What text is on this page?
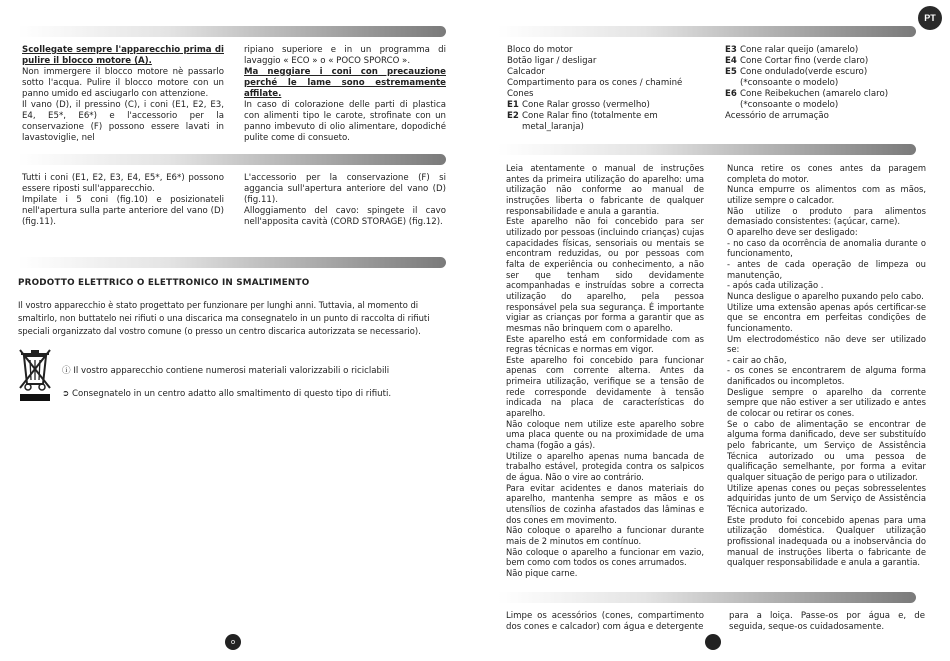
Scollegate sempre l'apparecchio prima di pulire il blocco motore (A).

Non immergere il blocco motore nè passarlo sotto l'acqua. Pulire il blocco motore con un panno umido ed asciugarlo con attenzione.

Il vano (D), il pressino (C), i coni (E1, E2, E3, E4, E5*, E6*) e l'accessorio per la conservazione (F) possono essere lavati in lavastoviglie, nel

ripiano superiore e in un programma di lavaggio « ECO » o « POCO SPORCO ».

Ma neggiare i coni con precauzione perché le lame sono estremamente affilate.

In caso di colorazione delle parti di plastica con alimenti tipo le carote, strofinate con un panno imbevuto di olio alimentare, dopodiché pulite come di consueto.

Tutti i coni (E1, E2, E3, E4, E5*, E6*) possono essere riposti sull'apparecchio.

Impilate i 5 coni (fig.10) e posizionateli nell'apertura sulla parte anteriore del vano (D) (fig.11).

L'accessorio per la conservazione (F) si aggancia sull'apertura anteriore del vano (D) (fig.11).

Alloggiamento del cavo: spingete il cavo nell'apposita cavità (CORD STORAGE) (fig.12).

PRODOTTO ELETTRICO O ELETTRONICO IN SMALTIMENTO

Il vostro apparecchio è stato progettato per funzionare per lunghi anni. Tuttavia, al momento di smaltirlo, non buttatelo nei rifiuti o una discarica ma consegnatelo in un punto di raccolta di rifiuti speciali organizzato dal vostro comune (o presso un centro discarica autorizzata se necessario).

ⓘ Il vostro apparecchio contiene numerosi materiali valorizzabili o riciclabili
➲ Consegnatelo in un centro adatto allo smaltimento di questo tipo di rifiuti.
o
PT
Bloco do motor
Botão ligar / desligar
Calcador
Compartimento para os cones / chaminé
Cones
E1 Cone Ralar grosso (vermelho)
E2 Cone Ralar fino (totalmente em
metal_laranja)
E3 Cone ralar queijo (amarelo)
E4 Cone Cortar fino (verde claro)
E5 Cone ondulado(verde escuro)
(*consoante o modelo)
E6 Cone Reibekuchen (amarelo claro)
(*consoante o modelo)
Acessório de arrumação

Leia atentamente o manual de instruções antes da primeira utilização do aparelho: uma utilização não conforme ao manual de instruções liberta o fabricante de qualquer responsabilidade e anula a garantia.

Este aparelho não foi concebido para ser utilizado por pessoas (incluindo crianças) cujas capacidades físicas, sensoriais ou mentais se encontram reduzidas, ou por pessoas com falta de experiência ou conhecimento, a não ser que tenham sido devidamente acompanhadas e instruídas sobre a correcta utilização do aparelho, pela pessoa responsável pela sua segurança. É importante vigiar as crianças por forma a garantir que as mesmas não brinquem com o aparelho.

Este aparelho está em conformidade com as regras técnicas e normas em vigor.

Este aparelho foi concebido para funcionar apenas com corrente alterna. Antes da primeira utilização, verifique se a tensão de rede corresponde devidamente à tensão indicada na placa de características do aparelho.

Não coloque nem utilize este aparelho sobre uma placa quente ou na proximidade de uma chama (fogão a gás).

Utilize o aparelho apenas numa bancada de trabalho estável, protegida contra os salpicos de água. Não o vire ao contrário.

Para evitar acidentes e danos materiais do aparelho, mantenha sempre as mãos e os utensílios de cozinha afastados das lâminas e dos cones em movimento.

Não coloque o aparelho a funcionar durante mais de 2 minutos em contínuo.

Não coloque o aparelho a funcionar em vazio, bem como com todos os cones arrumados.

Não pique carne.

Nunca retire os cones antes da paragem completa do motor.

Nunca empurre os alimentos com as mãos, utilize sempre o calcador.

Não utilize o produto para alimentos demasiado consistentes: (açúcar, carne).

O aparelho deve ser desligado:

- no caso da ocorrência de anomalia durante o funcionamento,

- antes de cada operação de limpeza ou manutenção,

- após cada utilização .

Nunca desligue o aparelho puxando pelo cabo.

Utilize uma extensão apenas após certificar-se que se encontra em perfeitas condições de funcionamento.

Um electrodoméstico não deve ser utilizado se:

- cair ao chão,

- os cones se encontrarem de alguma forma danificados ou incompletos.

Desligue sempre o aparelho da corrente sempre que não estiver a ser utilizado e antes de colocar ou retirar os cones.

Se o cabo de alimentação se encontrar de alguma forma danificado, deve ser substituído pelo fabricante, um Serviço de Assistência Técnica autorizado ou uma pessoa de qualificação semelhante, por forma a evitar qualquer situação de perigo para o utilizador.

Utilize apenas cones ou peças sobresselentes adquiridas junto de um Serviço de Assistência Técnica autorizado.

Este produto foi concebido apenas para uma utilização doméstica. Qualquer utilização profissional inadequada ou a inobservância do manual de instruções liberta o fabricante de qualquer responsabilidade e anula a garantia.

Limpe os acessórios (cones, compartimento dos cones e calcador) com água e detergente

para a loiça. Passe-os por água e, de seguida, seque-os cuidadosamente.
